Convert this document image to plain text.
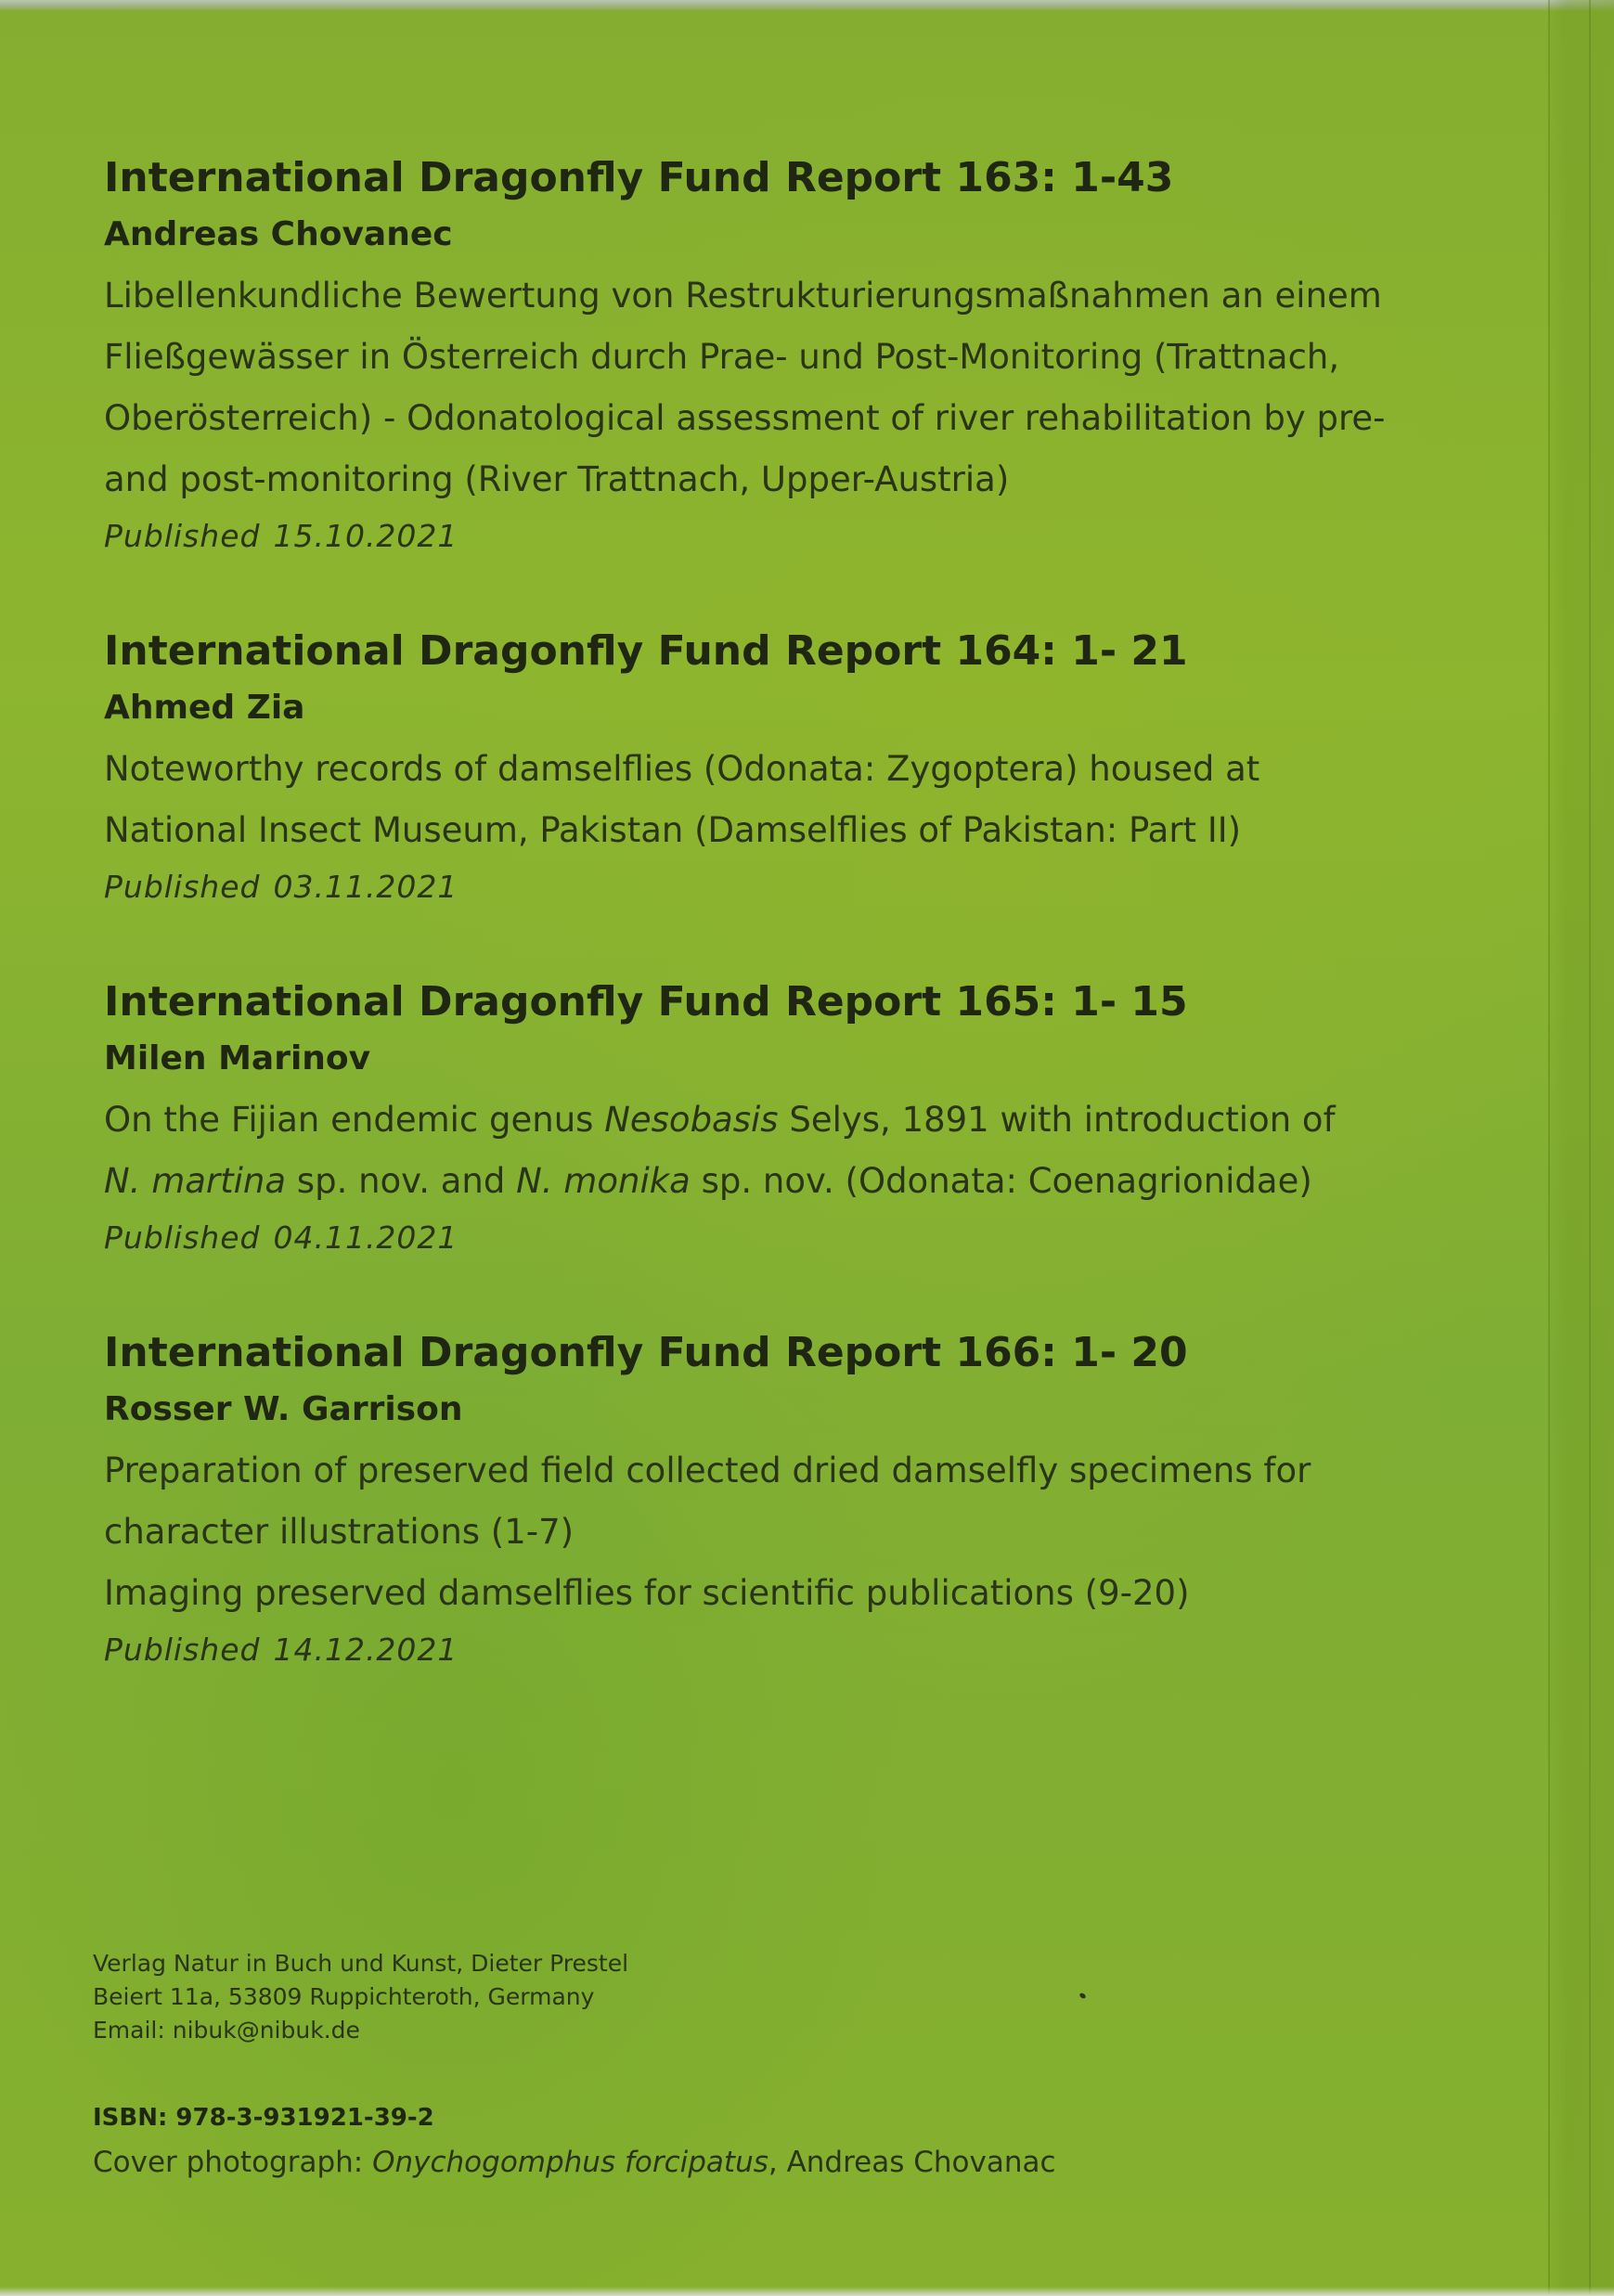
International Dragonfly Fund Report 163: 1-43
Andreas Chovanec

Libellenkundliche Bewertung von Restrukturierungsmaßnahmen an einem

Fließgewässer in Österreich durch Prae- und Post-Monitoring (Trattnach,

Oberösterreich) - Odonatological assessment of river rehabilitation by pre-

and post-monitoring (River Trattnach, Upper-Austria)

Published 15.10.2021

International Dragonfly Fund Report 164: 1- 21
Ahmed Zia

Noteworthy records of damselflies (Odonata: Zygoptera) housed at

National Insect Museum, Pakistan (Damselflies of Pakistan: Part II)

Published 03.11.2021

International Dragonfly Fund Report 165: 1- 15
Milen Marinov

On the Fijian endemic genus Nesobasis Selys, 1891 with introduction of

N. martina sp. nov. and N. monika sp. nov. (Odonata: Coenagrionidae)

Published 04.11.2021

International Dragonfly Fund Report 166: 1- 20
Rosser W. Garrison

Preparation of preserved field collected dried damselfly specimens for

character illustrations (1-7)

Imaging preserved damselflies for scientific publications (9-20)

Published 14.12.2021

Verlag Natur in Buch und Kunst, Dieter Prestel

Beiert 11a, 53809 Ruppichteroth, Germany

Email: nibuk@nibuk.de

ISBN: 978-3-931921-39-2

Cover photograph: Onychogomphus forcipatus, Andreas Chovanac
